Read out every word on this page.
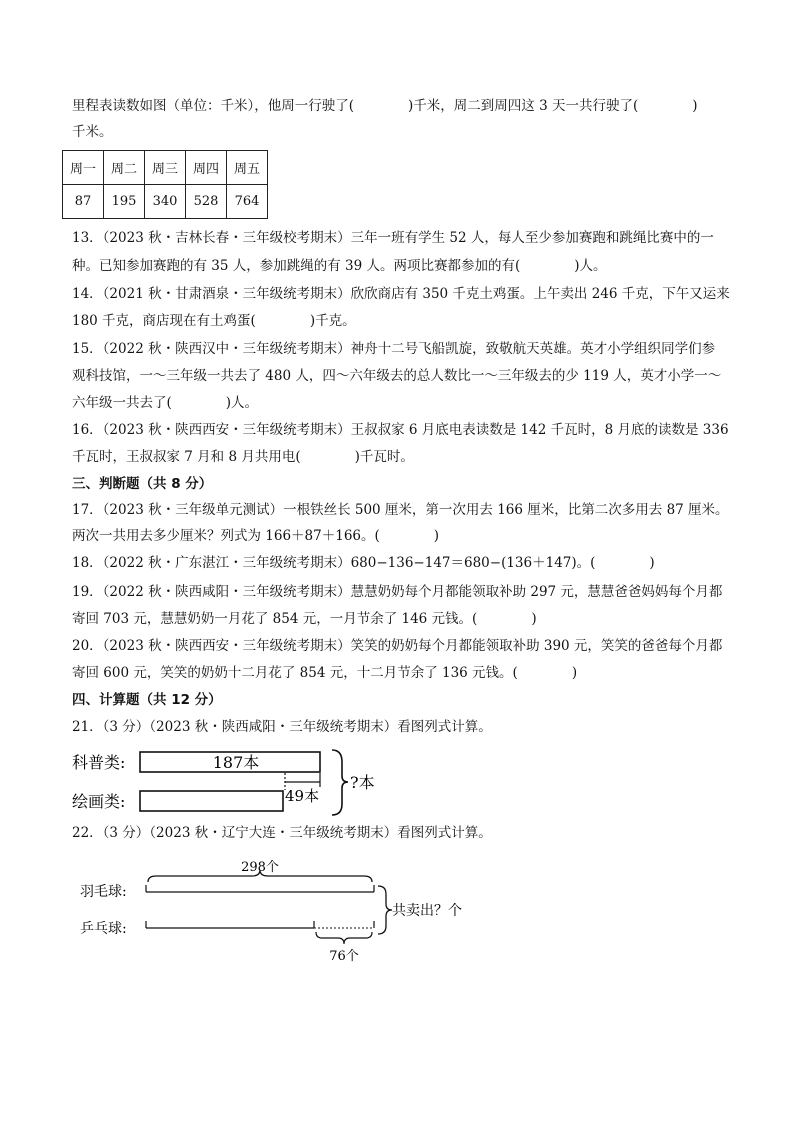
里程表读数如图（单位：千米），他周一行驶了(　　　　)千米，周二到周四这 3 天一共行驶了(　　　　)
千米。
周一	周二	周三	周四	周五
87	195	340	528	764
13．（2023 秋・吉林长春・三年级校考期末）三年一班有学生 52 人，每人至少参加赛跑和跳绳比赛中的一
种。已知参加赛跑的有 35 人，参加跳绳的有 39 人。两项比赛都参加的有(　　　　)人。
14．（2021 秋・甘肃酒泉・三年级统考期末）欣欣商店有 350 千克土鸡蛋。上午卖出 246 千克，下午又运来
180 千克，商店现在有土鸡蛋(　　　　)千克。
15．（2022 秋・陕西汉中・三年级统考期末）神舟十二号飞船凯旋，致敬航天英雄。英才小学组织同学们参
观科技馆，一～三年级一共去了 480 人，四～六年级去的总人数比一～三年级去的少 119 人，英才小学一～
六年级一共去了(　　　　)人。
16．（2023 秋・陕西西安・三年级统考期末）王叔叔家 6 月底电表读数是 142 千瓦时，8 月底的读数是 336
千瓦时，王叔叔家 7 月和 8 月共用电(　　　　)千瓦时。
三、判断题（共 8 分）
17．（2023 秋・三年级单元测试）一根铁丝长 500 厘米，第一次用去 166 厘米，比第二次多用去 87 厘米。
两次一共用去多少厘米？列式为 166＋87＋166。(　　　　)
18．（2022 秋・广东湛江・三年级统考期末）680−136−147＝680−(136＋147)。(　　　　)
19．（2022 秋・陕西咸阳・三年级统考期末）慧慧奶奶每个月都能领取补助 297 元，慧慧爸爸妈妈每个月都
寄回 703 元，慧慧奶奶一月花了 854 元，一月节余了 146 元钱。(　　　　)
20．（2023 秋・陕西西安・三年级统考期末）笑笑的奶奶每个月都能领取补助 390 元，笑笑的爸爸每个月都
寄回 600 元，笑笑的奶奶十二月花了 854 元，十二月节余了 136 元钱。(　　　　)
四、计算题（共 12 分）
21．（3 分）（2023 秋・陕西咸阳・三年级统考期末）看图列式计算。
科普类:	187本
绘画类:	49本
?本
22．（3 分）（2023 秋・辽宁大连・三年级统考期末）看图列式计算。
298个
羽毛球:
乒乓球:
76个
共卖出？个
